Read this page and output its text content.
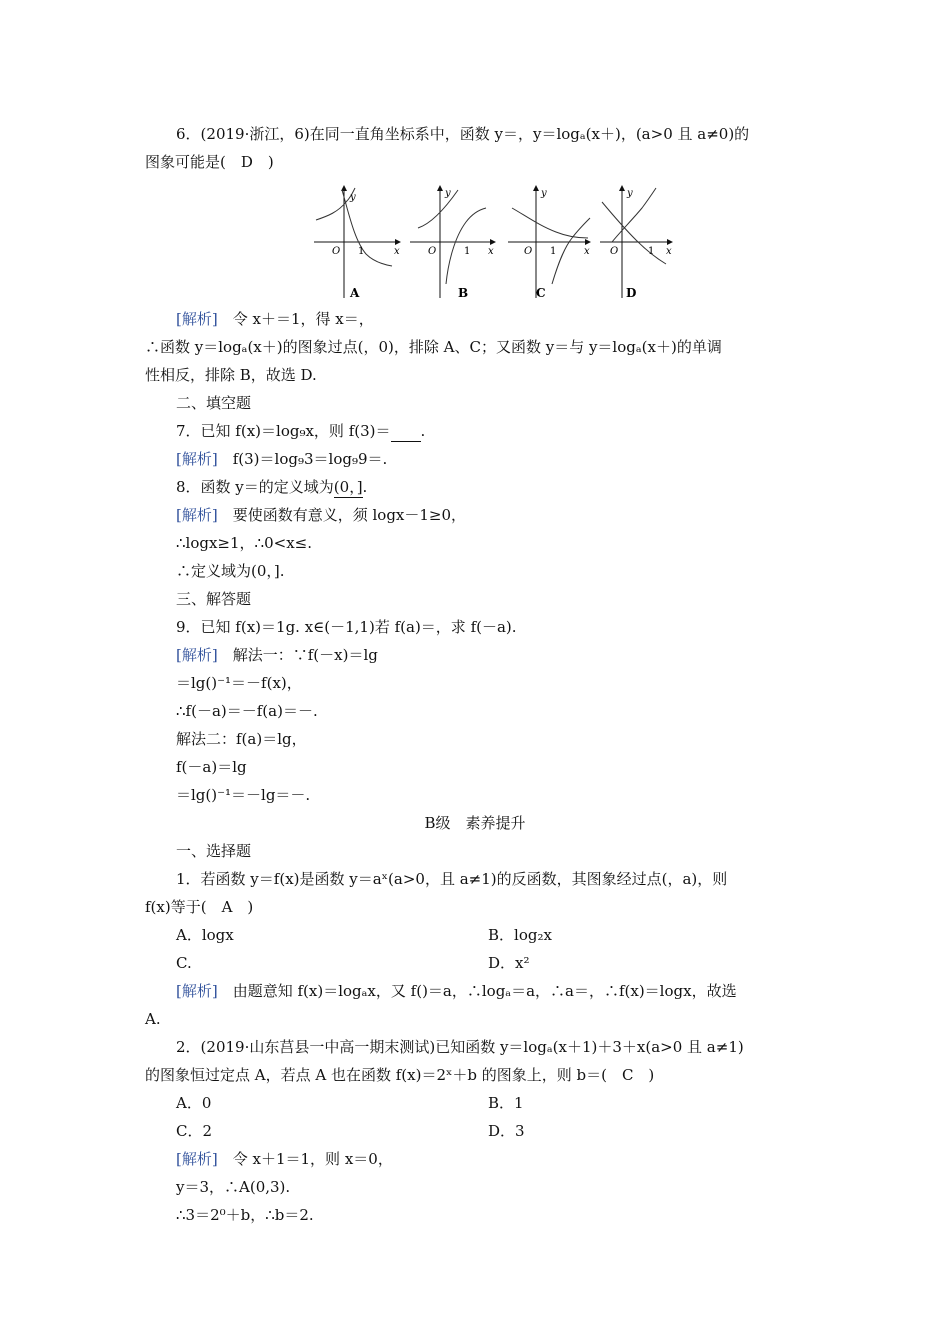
6．(2019·浙江，6)在同一直角坐标系中，函数 y＝，y＝logₐ(x＋)，(a>0 且 a≠0)的
图象可能是(　D　)
y
x
O 1
A
y
x
O	1
B
y
x
O 1
C
y
x
O	1
D
[解析]　 令 x＋＝1，得 x＝，
∴函数 y＝logₐ(x＋)的图象过点(，0)，排除 A、C；又函数 y＝与 y＝logₐ(x＋)的单调
性相反，排除 B，故选 D.
二、填空题
7．已知 f(x)＝log₉x，则 f(3)＝　　 .
[解析]　 f(3)＝log₉3＝log₉9＝.
8．函数 y＝的定义域为(0，].
[解析]　 要使函数有意义，须 logx－1≥0，
∴logx≥1，∴0<x≤.
∴定义域为(0，].
三、解答题
9．已知 f(x)＝1g. x∈(－1,1)若 f(a)＝，求 f(－a).
[解析]　 解法一：∵f(－x)＝lg
＝lg()⁻¹＝－f(x)，
∴f(－a)＝－f(a)＝－.
解法二：f(a)＝lg，
f(－a)＝lg
＝lg()⁻¹＝－lg＝－.
B级　素养提升
一、选择题
1．若函数 y＝f(x)是函数 y＝aˣ(a>0，且 a≠1)的反函数，其图象经过点(，a)，则
f(x)等于(　A　)
A．logx	B．log₂x
C.	D．x²
[解析]　 由题意知 f(x)＝logₐx，又 f()＝a，∴logₐ＝a，∴a＝，∴f(x)＝logx，故选
A.
2．(2019·山东莒县一中高一期末测试)已知函数 y＝logₐ(x＋1)＋3＋x(a>0 且 a≠1)
的图象恒过定点 A，若点 A 也在函数 f(x)＝2ˣ＋b 的图象上，则 b＝(　C　)
A．0	B．1
C．2	D．3
[解析]　 令 x＋1＝1，则 x＝0，
y＝3，∴A(0,3).
∴3＝2⁰＋b，∴b＝2.
